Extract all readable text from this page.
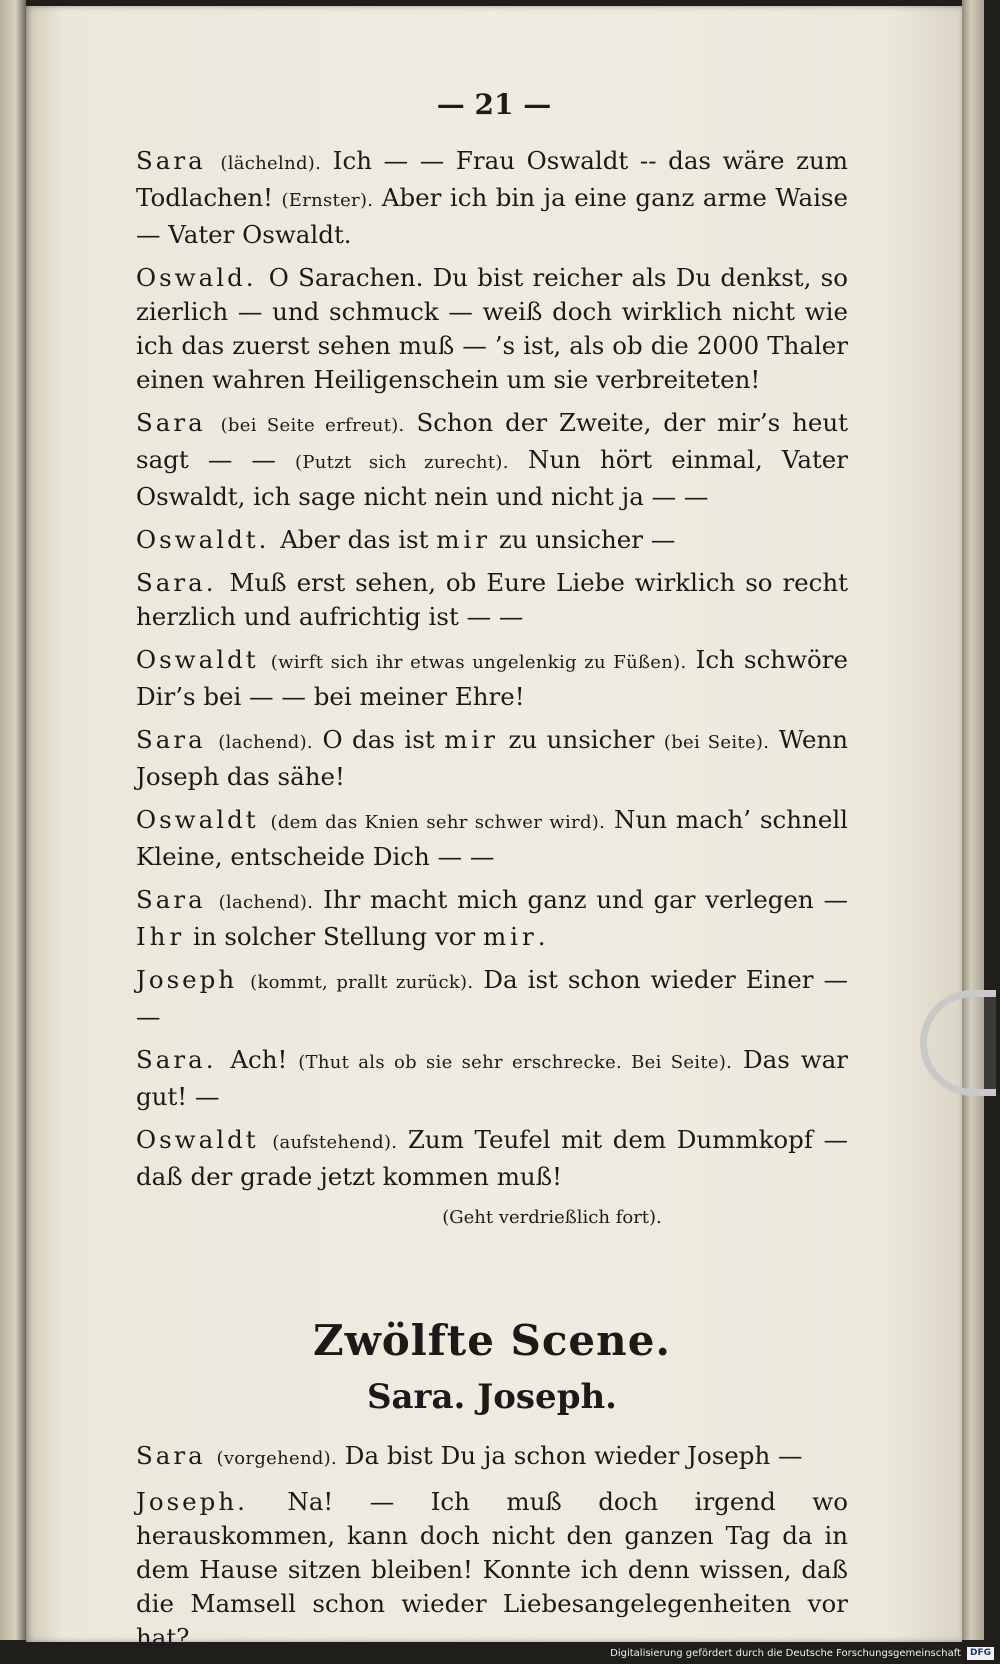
— 21 —

Sara (lächelnd). Ich — — Frau Oswaldt -- das wäre zum Todlachen! (Ernster). Aber ich bin ja eine ganz arme Waise — Vater Oswaldt.

Oswald. O Sarachen. Du bist reicher als Du denkst, so zierlich — und schmuck — weiß doch wirklich nicht wie ich das zuerst sehen muß — ’s ist, als ob die 2000 Thaler einen wahren Heiligenschein um sie verbreiteten!

Sara (bei Seite erfreut). Schon der Zweite, der mir’s heut sagt — — (Putzt sich zurecht). Nun hört einmal, Vater Oswaldt, ich sage nicht nein und nicht ja — —

Oswaldt. Aber das ist mir zu unsicher —

Sara. Muß erst sehen, ob Eure Liebe wirklich so recht herzlich und aufrichtig ist — —

Oswaldt (wirft sich ihr etwas ungelenkig zu Füßen). Ich schwöre Dir’s bei — — bei meiner Ehre!

Sara (lachend). O das ist mir zu unsicher (bei Seite). Wenn Joseph das sähe!

Oswaldt (dem das Knien sehr schwer wird). Nun mach’ schnell Kleine, entscheide Dich — —

Sara (lachend). Ihr macht mich ganz und gar verlegen — Ihr in solcher Stellung vor mir.

Joseph (kommt, prallt zurück). Da ist schon wieder Einer — —

Sara. Ach! (Thut als ob sie sehr erschrecke. Bei Seite). Das war gut! —

Oswaldt (aufstehend). Zum Teufel mit dem Dummkopf — daß der grade jetzt kommen muß!

(Geht verdrießlich fort).
Zwölfte Scene.
Sara. Joseph.

Sara (vorgehend). Da bist Du ja schon wieder Joseph —

Joseph. Na! — Ich muß doch irgend wo herauskommen, kann doch nicht den ganzen Tag da in dem Hause sitzen bleiben! Konnte ich denn wissen, daß die Mamsell schon wieder Liebesangelegenheiten vor hat?

Digitalisierung gefördert durch die Deutsche Forschungsgemeinschaft	DFG
